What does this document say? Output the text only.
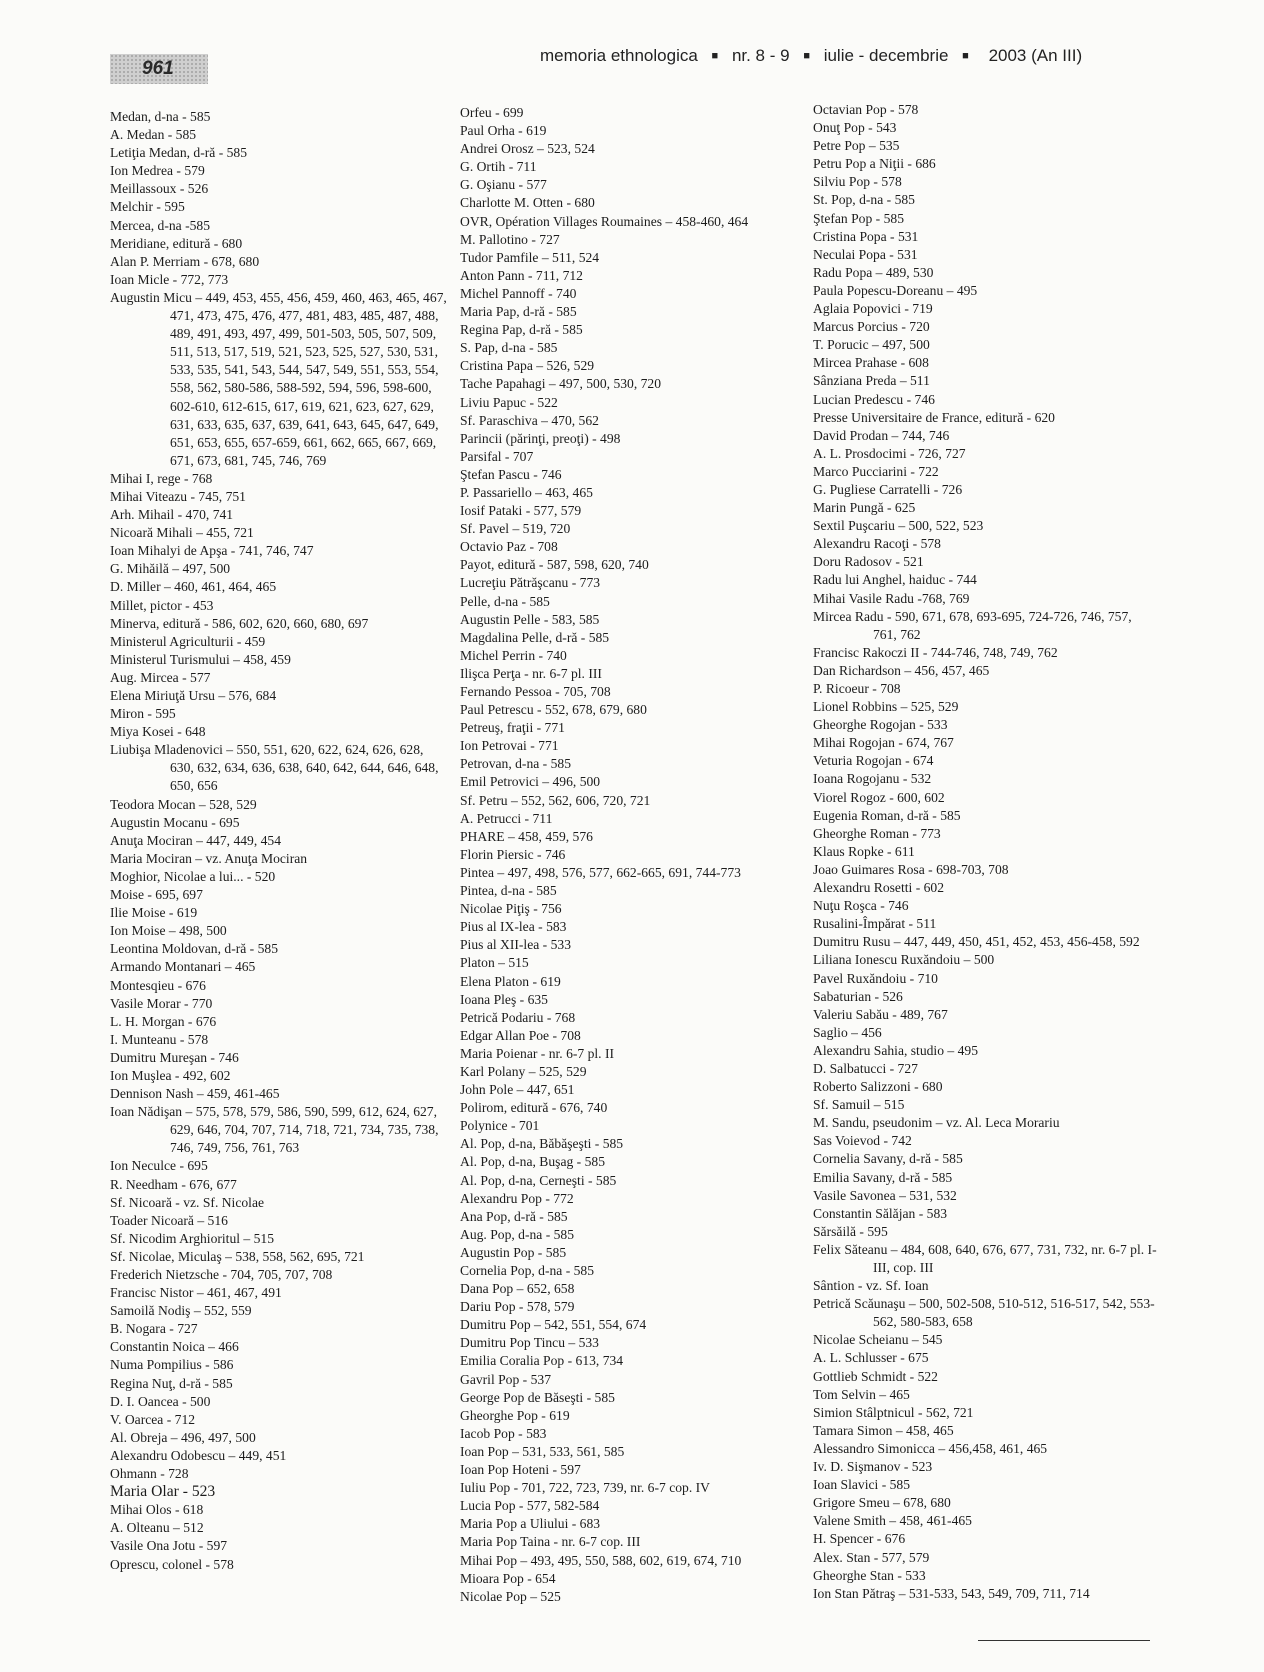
961
memoria ethnologica ■ nr. 8 - 9 ■ iulie - decembrie ■ 2003 (An III)

Medan, d-na - 585

A. Medan - 585

Letiţia Medan, d-ră - 585

Ion Medrea - 579

Meillassoux - 526

Melchir - 595

Mercea, d-na -585

Meridiane, editură - 680

Alan P. Merriam - 678, 680

Ioan Micle - 772, 773

Augustin Micu – 449, 453, 455, 456, 459, 460, 463, 465, 467, 471, 473, 475, 476, 477, 481, 483, 485, 487, 488, 489, 491, 493, 497, 499, 501-503, 505, 507, 509, 511, 513, 517, 519, 521, 523, 525, 527, 530, 531, 533, 535, 541, 543, 544, 547, 549, 551, 553, 554, 558, 562, 580-586, 588-592, 594, 596, 598-600, 602-610, 612-615, 617, 619, 621, 623, 627, 629, 631, 633, 635, 637, 639, 641, 643, 645, 647, 649, 651, 653, 655, 657-659, 661, 662, 665, 667, 669, 671, 673, 681, 745, 746, 769

Mihai I, rege - 768

Mihai Viteazu - 745, 751

Arh. Mihail - 470, 741

Nicoară Mihali – 455, 721

Ioan Mihalyi de Apşa - 741, 746, 747

G. Mihăilă – 497, 500

D. Miller – 460, 461, 464, 465

Millet, pictor - 453

Minerva, editură - 586, 602, 620, 660, 680, 697

Ministerul Agriculturii - 459

Ministerul Turismului – 458, 459

Aug. Mircea - 577

Elena Miriuţă Ursu – 576, 684

Miron - 595

Miya Kosei - 648

Liubişa Mladenovici – 550, 551, 620, 622, 624, 626, 628, 630, 632, 634, 636, 638, 640, 642, 644, 646, 648, 650, 656

Teodora Mocan – 528, 529

Augustin Mocanu - 695

Anuţa Mociran – 447, 449, 454

Maria Mociran – vz. Anuţa Mociran

Moghior, Nicolae a lui... - 520

Moise - 695, 697

Ilie Moise - 619

Ion Moise – 498, 500

Leontina Moldovan, d-ră - 585

Armando Montanari – 465

Montesqieu - 676

Vasile Morar - 770

L. H. Morgan - 676

I. Munteanu - 578

Dumitru Mureşan - 746

Ion Muşlea - 492, 602

Dennison Nash – 459, 461-465

Ioan Nădişan – 575, 578, 579, 586, 590, 599, 612, 624, 627, 629, 646, 704, 707, 714, 718, 721, 734, 735, 738, 746, 749, 756, 761, 763

Ion Neculce - 695

R. Needham - 676, 677

Sf. Nicoară - vz. Sf. Nicolae

Toader Nicoară – 516

Sf. Nicodim Arghioritul – 515

Sf. Nicolae, Miculaş – 538, 558, 562, 695, 721

Frederich Nietzsche - 704, 705, 707, 708

Francisc Nistor – 461, 467, 491

Samoilă Nodiş – 552, 559

B. Nogara - 727

Constantin Noica – 466

Numa Pompilius - 586

Regina Nuţ, d-ră - 585

D. I. Oancea - 500

V. Oarcea - 712

Al. Obreja – 496, 497, 500

Alexandru Odobescu – 449, 451

Ohmann - 728

Maria Olar - 523

Mihai Olos - 618

A. Olteanu – 512

Vasile Ona Jotu - 597

Oprescu, colonel - 578

Orfeu - 699

Paul Orha - 619

Andrei Orosz – 523, 524

G. Ortih - 711

G. Oşianu - 577

Charlotte M. Otten - 680

OVR, Opération Villages Roumaines – 458-460, 464

M. Pallotino - 727

Tudor Pamfile – 511, 524

Anton Pann - 711, 712

Michel Pannoff - 740

Maria Pap, d-ră - 585

Regina Pap, d-ră - 585

S. Pap, d-na - 585

Cristina Papa – 526, 529

Tache Papahagi – 497, 500, 530, 720

Liviu Papuc - 522

Sf. Paraschiva – 470, 562

Parincii (părinţi, preoţi) - 498

Parsifal - 707

Ştefan Pascu - 746

P. Passariello – 463, 465

Iosif Pataki - 577, 579

Sf. Pavel – 519, 720

Octavio Paz - 708

Payot, editură - 587, 598, 620, 740

Lucreţiu Pătrăşcanu - 773

Pelle, d-na - 585

Augustin Pelle - 583, 585

Magdalina Pelle, d-ră - 585

Michel Perrin - 740

Ilişca Perţa - nr. 6-7 pl. III

Fernando Pessoa - 705, 708

Paul Petrescu - 552, 678, 679, 680

Petreuş, fraţii - 771

Ion Petrovai - 771

Petrovan, d-na - 585

Emil Petrovici – 496, 500

Sf. Petru – 552, 562, 606, 720, 721

A. Petrucci - 711

PHARE – 458, 459, 576

Florin Piersic - 746

Pintea – 497, 498, 576, 577, 662-665, 691, 744-773

Pintea, d-na - 585

Nicolae Piţiş - 756

Pius al IX-lea - 583

Pius al XII-lea - 533

Platon – 515

Elena Platon - 619

Ioana Pleş - 635

Petrică Podariu - 768

Edgar Allan Poe - 708

Maria Poienar - nr. 6-7 pl. II

Karl Polany – 525, 529

John Pole – 447, 651

Polirom, editură - 676, 740

Polynice - 701

Al. Pop, d-na, Băbăşeşti - 585

Al. Pop, d-na, Buşag - 585

Al. Pop, d-na, Cerneşti - 585

Alexandru Pop - 772

Ana Pop, d-ră - 585

Aug. Pop, d-na - 585

Augustin Pop - 585

Cornelia Pop, d-na - 585

Dana Pop – 652, 658

Dariu Pop - 578, 579

Dumitru Pop – 542, 551, 554, 674

Dumitru Pop Tincu – 533

Emilia Coralia Pop - 613, 734

Gavril Pop - 537

George Pop de Băseşti - 585

Gheorghe Pop - 619

Iacob Pop - 583

Ioan Pop – 531, 533, 561, 585

Ioan Pop Hoteni - 597

Iuliu Pop - 701, 722, 723, 739, nr. 6-7 cop. IV

Lucia Pop - 577, 582-584

Maria Pop a Uliului - 683

Maria Pop Taina - nr. 6-7 cop. III

Mihai Pop – 493, 495, 550, 588, 602, 619, 674, 710

Mioara Pop - 654

Nicolae Pop – 525

Octavian Pop - 578

Onuţ Pop - 543

Petre Pop – 535

Petru Pop a Niţii - 686

Silviu Pop - 578

St. Pop, d-na - 585

Ştefan Pop - 585

Cristina Popa - 531

Neculai Popa - 531

Radu Popa – 489, 530

Paula Popescu-Doreanu – 495

Aglaia Popovici - 719

Marcus Porcius - 720

T. Porucic – 497, 500

Mircea Prahase - 608

Sânziana Preda – 511

Lucian Predescu - 746

Presse Universitaire de France, editură - 620

David Prodan – 744, 746

A. L. Prosdocimi - 726, 727

Marco Pucciarini - 722

G. Pugliese Carratelli - 726

Marin Pungă - 625

Sextil Puşcariu – 500, 522, 523

Alexandru Racoţi - 578

Doru Radosov - 521

Radu lui Anghel, haiduc - 744

Mihai Vasile Radu -768, 769

Mircea Radu - 590, 671, 678, 693-695, 724-726, 746, 757, 761, 762

Francisc Rakoczi II - 744-746, 748, 749, 762

Dan Richardson – 456, 457, 465

P. Ricoeur - 708

Lionel Robbins – 525, 529

Gheorghe Rogojan - 533

Mihai Rogojan - 674, 767

Veturia Rogojan - 674

Ioana Rogojanu - 532

Viorel Rogoz - 600, 602

Eugenia Roman, d-ră - 585

Gheorghe Roman - 773

Klaus Ropke - 611

Joao Guimares Rosa - 698-703, 708

Alexandru Rosetti - 602

Nuţu Roşca - 746

Rusalini-Împărat - 511

Dumitru Rusu – 447, 449, 450, 451, 452, 453, 456-458, 592

Liliana Ionescu Ruxăndoiu – 500

Pavel Ruxăndoiu - 710

Sabaturian - 526

Valeriu Sabău - 489, 767

Saglio – 456

Alexandru Sahia, studio – 495

D. Salbatucci - 727

Roberto Salizzoni - 680

Sf. Samuil – 515

M. Sandu, pseudonim – vz. Al. Leca Morariu

Sas Voievod - 742

Cornelia Savany, d-ră - 585

Emilia Savany, d-ră - 585

Vasile Savonea – 531, 532

Constantin Sălăjan - 583

Sărsăilă - 595

Felix Săteanu – 484, 608, 640, 676, 677, 731, 732, nr. 6-7 pl. I-III, cop. III

Sântion - vz. Sf. Ioan

Petrică Scăunaşu – 500, 502-508, 510-512, 516-517, 542, 553-562, 580-583, 658

Nicolae Scheianu – 545

A. L. Schlusser - 675

Gottlieb Schmidt - 522

Tom Selvin – 465

Simion Stâlptnicul - 562, 721

Tamara Simon – 458, 465

Alessandro Simonicca – 456,458, 461, 465

Iv. D. Sişmanov - 523

Ioan Slavici - 585

Grigore Smeu – 678, 680

Valene Smith – 458, 461-465

H. Spencer - 676

Alex. Stan - 577, 579

Gheorghe Stan - 533

Ion Stan Pătraş – 531-533, 543, 549, 709, 711, 714
